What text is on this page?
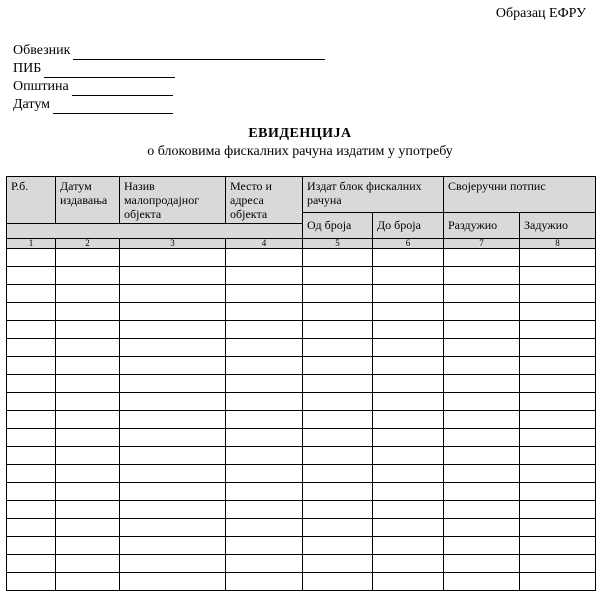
Образац ЕФРУ
Обвезник
ПИБ
Општина
Датум
ЕВИДЕНЦИЈА
о блоковима фискалних рачуна издатим у употребу
Р.б.	Датум издавања	Назив малопродајног објекта	Место и адреса објекта	Издат блок фискалних рачуна		Својеручни потпис	
				Од броја	До броја	Раздужио	Задужио

1	2	3	4	5	6	7	8
